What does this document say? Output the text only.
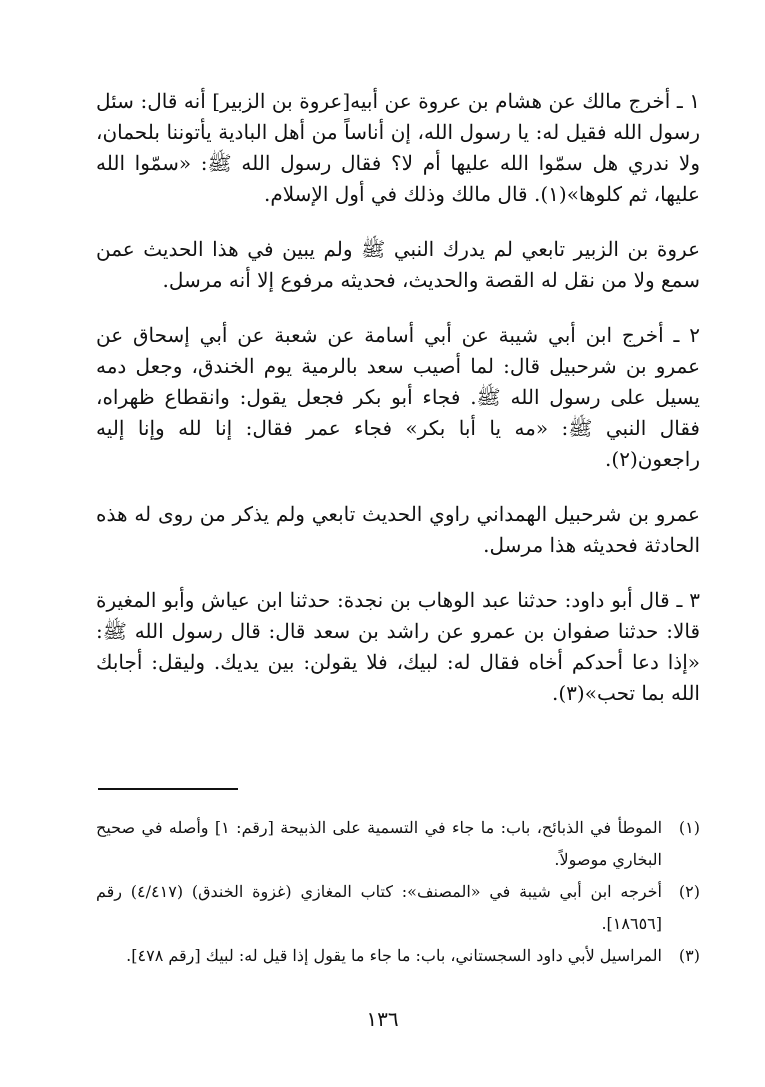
١ ـ أخرج مالك عن هشام بن عروة عن أبيه[عروة بن الزبير] أنه قال: سئل رسول الله فقيل له: يا رسول الله، إن أناساً من أهل البادية يأتوننا بلحمان، ولا ندري هل سمّوا الله عليها أم لا؟ فقال رسول الله ﷺ: «سمّوا الله عليها، ثم كلوها»(١). قال مالك وذلك في أول الإسلام.

عروة بن الزبير تابعي لم يدرك النبي ﷺ ولم يبين في هذا الحديث عمن سمع ولا من نقل له القصة والحديث، فحديثه مرفوع إلا أنه مرسل.

٢ ـ أخرج ابن أبي شيبة عن أبي أسامة عن شعبة عن أبي إسحاق عن عمرو بن شرحبيل قال: لما أصيب سعد بالرمية يوم الخندق، وجعل دمه يسيل على رسول الله ﷺ. فجاء أبو بكر فجعل يقول: وانقطاع ظهراه، فقال النبي ﷺ: «مه يا أبا بكر» فجاء عمر فقال: إنا لله وإنا إليه راجعون(٢).

عمرو بن شرحبيل الهمداني راوي الحديث تابعي ولم يذكر من روى له هذه الحادثة فحديثه هذا مرسل.

٣ ـ قال أبو داود: حدثنا عبد الوهاب بن نجدة: حدثنا ابن عياش وأبو المغيرة قالا: حدثنا صفوان بن عمرو عن راشد بن سعد قال: قال رسول الله ﷺ: «إذا دعا أحدكم أخاه فقال له: لبيك، فلا يقولن: بين يديك. وليقل: أجابك الله بما تحب»(٣).

(١)
الموطأ في الذبائح، باب: ما جاء في التسمية على الذبيحة [رقم: ١] وأصله في صحيح البخاري موصولاً.
(٢)
أخرجه ابن أبي شيبة في «المصنف»: كتاب المغازي (غزوة الخندق) (٤/٤١٧) رقم [١٨٦٥٦].
(٣)
المراسيل لأبي داود السجستاني، باب: ما جاء ما يقول إذا قيل له: لبيك [رقم ٤٧٨].
١٣٦
